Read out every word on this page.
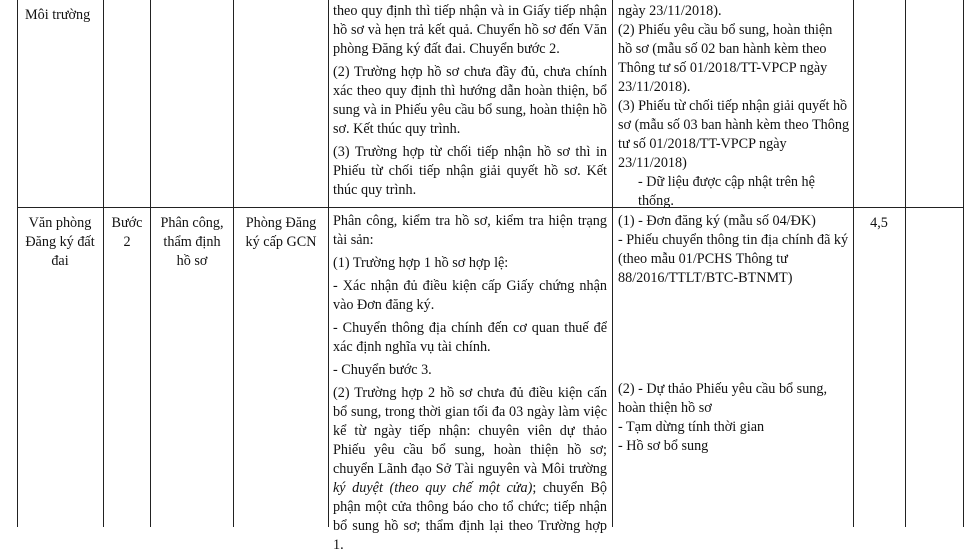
Môi trường	theo quy định thì tiếp nhận và in Giấy tiếp nhận hồ sơ và hẹn trả kết quả. Chuyển hồ sơ đến Văn phòng Đăng ký đất đai. Chuyển bước 2.

(2) Trường hợp hồ sơ chưa đầy đủ, chưa chính xác theo quy định thì hướng dẫn hoàn thiện, bổ sung và in Phiếu yêu cầu bổ sung, hoàn thiện hồ sơ. Kết thúc quy trình.

(3) Trường hợp từ chối tiếp nhận hồ sơ thì in Phiếu từ chối tiếp nhận giải quyết hồ sơ. Kết thúc quy trình.

ngày 23/11/2018).

(2) Phiếu yêu cầu bổ sung, hoàn thiện hồ sơ (mẫu số 02 ban hành kèm theo Thông tư số 01/2018/TT-VPCP ngày 23/11/2018).

(3) Phiếu từ chối tiếp nhận giải quyết hồ sơ (mẫu số 03 ban hành kèm theo Thông tư số 01/2018/TT-VPCP ngày 23/11/2018)

- Dữ liệu được cập nhật trên hệ thống.

Văn phòng Đăng ký đất đai

Bước 2

Phân công, thẩm định hồ sơ

Phòng Đăng ký cấp GCN

Phân công, kiểm tra hồ sơ, kiểm tra hiện trạng tài sản:

(1) Trường hợp 1 hồ sơ hợp lệ:

- Xác nhận đủ điều kiện cấp Giấy chứng nhận vào Đơn đăng ký.

- Chuyển thông địa chính đến cơ quan thuế để xác định nghĩa vụ tài chính.

- Chuyển bước 3.

(2) Trường hợp 2 hồ sơ chưa đủ điều kiện cấn bổ sung, trong thời gian tối đa 03 ngày làm việc kể từ ngày tiếp nhận: chuyên viên dự thảo Phiếu yêu cầu bổ sung, hoàn thiện hồ sơ; chuyển Lãnh đạo Sở Tài nguyên và Môi trường ký duyệt (theo quy chế một cửa); chuyển Bộ phận một cửa thông báo cho tổ chức; tiếp nhận bổ sung hồ sơ; thẩm định lại theo Trường hợp 1.

(1) - Đơn đăng ký (mẫu số 04/ĐK)

- Phiếu chuyển thông tin địa chính đã ký (theo mẫu 01/PCHS Thông tư 88/2016/TTLT/BTC-BTNMT)

(2) - Dự thảo Phiếu yêu cầu bổ sung, hoàn thiện hồ sơ

- Tạm dừng tính thời gian

- Hồ sơ bổ sung

4,5
